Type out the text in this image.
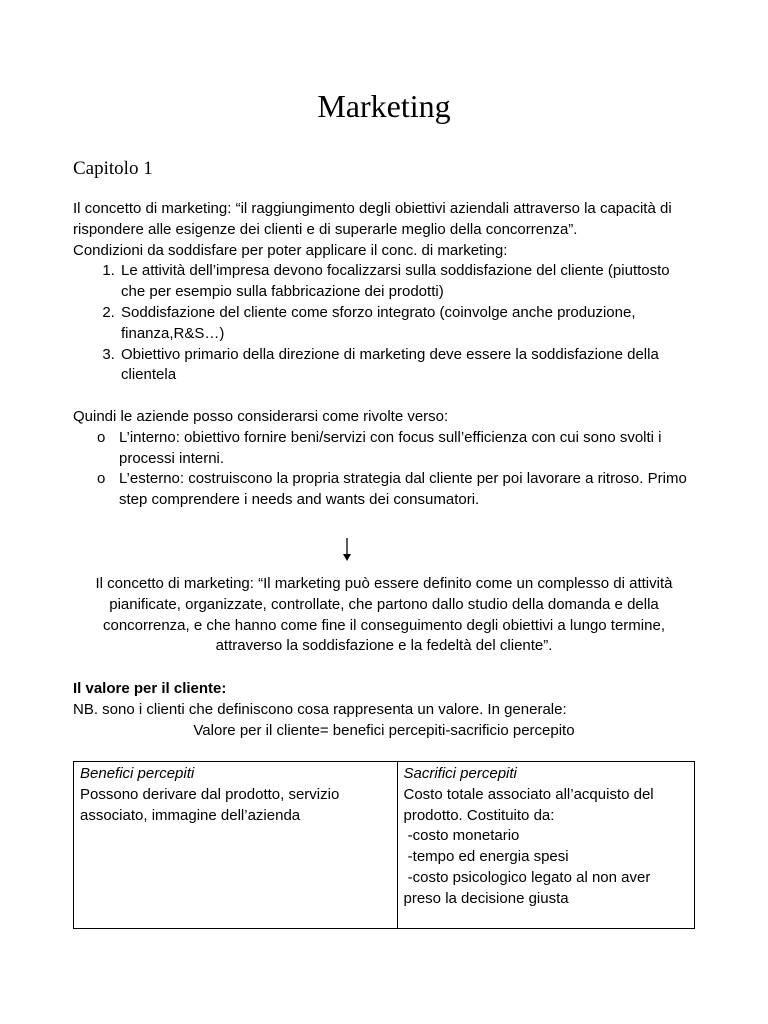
Marketing
Capitolo 1

Il concetto di marketing: “il raggiungimento degli obiettivi aziendali attraverso la capacità di rispondere alle esigenze dei clienti e di superarle meglio della concorrenza”.

Condizioni da soddisfare per poter applicare il conc. di marketing:

1. Le attività dell’impresa devono focalizzarsi sulla soddisfazione del cliente (piuttosto che per esempio sulla fabbricazione dei prodotti)
2. Soddisfazione del cliente come sforzo integrato (coinvolge anche produzione, finanza,R&S…)
3. Obiettivo primario della direzione di marketing deve essere la soddisfazione della clientela

Quindi le aziende posso considerarsi come rivolte verso:

o L’interno: obiettivo fornire beni/servizi con focus sull’efficienza con cui sono svolti i processi interni.
o L’esterno: costruiscono la propria strategia dal cliente per poi lavorare a ritroso. Primo step comprendere i needs and wants dei consumatori.

Il concetto di marketing: “Il marketing può essere definito come un complesso di attività pianificate, organizzate, controllate, che partono dallo studio della domanda e della concorrenza, e che hanno come fine il conseguimento degli obiettivi a lungo termine, attraverso la soddisfazione e la fedeltà del cliente”.

Il valore per il cliente:

NB. sono i clienti che definiscono cosa rappresenta un valore. In generale:

Valore per il cliente= benefici percepiti-sacrificio percepito

Benefici percepiti
Possono derivare dal prodotto, servizio associato, immagine dell’azienda

Sacrifici percepiti
Costo totale associato all’acquisto del prodotto. Costituito da:
-costo monetario
-tempo ed energia spesi
-costo psicologico legato al non aver preso la decisione giusta
